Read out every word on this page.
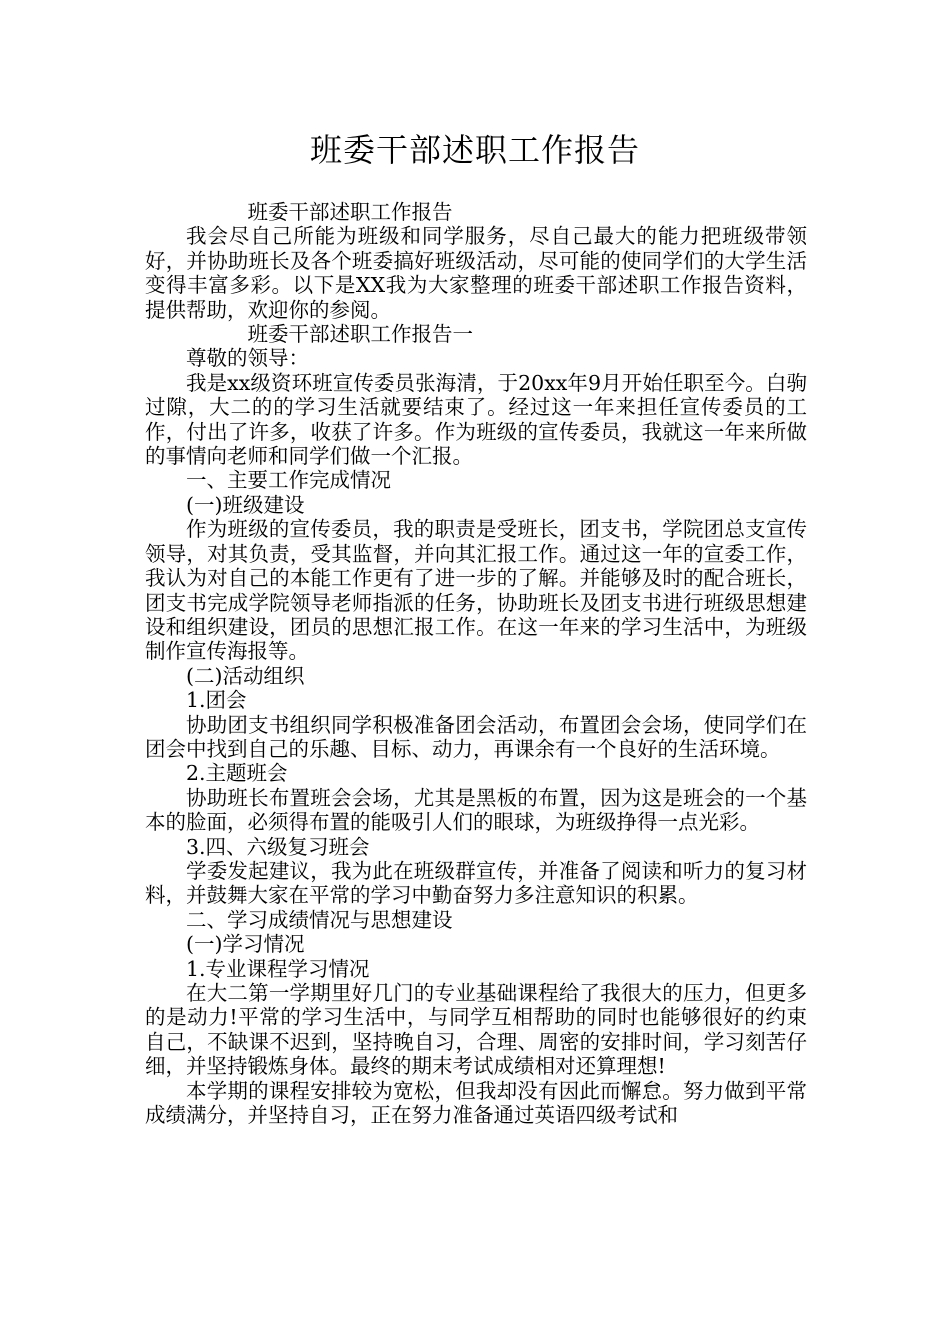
班委干部述职工作报告

班委干部述职工作报告

我会尽自己所能为班级和同学服务，尽自己最大的能力把班级带领好，并协助班长及各个班委搞好班级活动，尽可能的使同学们的大学生活变得丰富多彩。以下是XX我为大家整理的班委干部述职工作报告资料，提供帮助，欢迎你的参阅。

班委干部述职工作报告一

尊敬的领导：

我是xx级资环班宣传委员张海清，于20xx年9月开始任职至今。白驹过隙，大二的的学习生活就要结束了。经过这一年来担任宣传委员的工作，付出了许多，收获了许多。作为班级的宣传委员，我就这一年来所做的事情向老师和同学们做一个汇报。

一、主要工作完成情况

(一)班级建设

作为班级的宣传委员，我的职责是受班长，团支书，学院团总支宣传领导，对其负责，受其监督，并向其汇报工作。通过这一年的宣委工作，我认为对自己的本能工作更有了进一步的了解。并能够及时的配合班长，团支书完成学院领导老师指派的任务，协助班长及团支书进行班级思想建设和组织建设，团员的思想汇报工作。在这一年来的学习生活中，为班级制作宣传海报等。

(二)活动组织

1.团会

协助团支书组织同学积极准备团会活动，布置团会会场，使同学们在团会中找到自己的乐趣、目标、动力，再课余有一个良好的生活环境。

2.主题班会

协助班长布置班会会场，尤其是黑板的布置，因为这是班会的一个基本的脸面，必须得布置的能吸引人们的眼球，为班级挣得一点光彩。

3.四、六级复习班会

学委发起建议，我为此在班级群宣传，并准备了阅读和听力的复习材料，并鼓舞大家在平常的学习中勤奋努力多注意知识的积累。

二、学习成绩情况与思想建设

(一)学习情况

1.专业课程学习情况

在大二第一学期里好几门的专业基础课程给了我很大的压力，但更多的是动力!平常的学习生活中，与同学互相帮助的同时也能够很好的约束自己，不缺课不迟到，坚持晚自习，合理、周密的安排时间，学习刻苦仔细，并坚持锻炼身体。最终的期末考试成绩相对还算理想!

本学期的课程安排较为宽松，但我却没有因此而懈怠。努力做到平常成绩满分，并坚持自习，正在努力准备通过英语四级考试和
